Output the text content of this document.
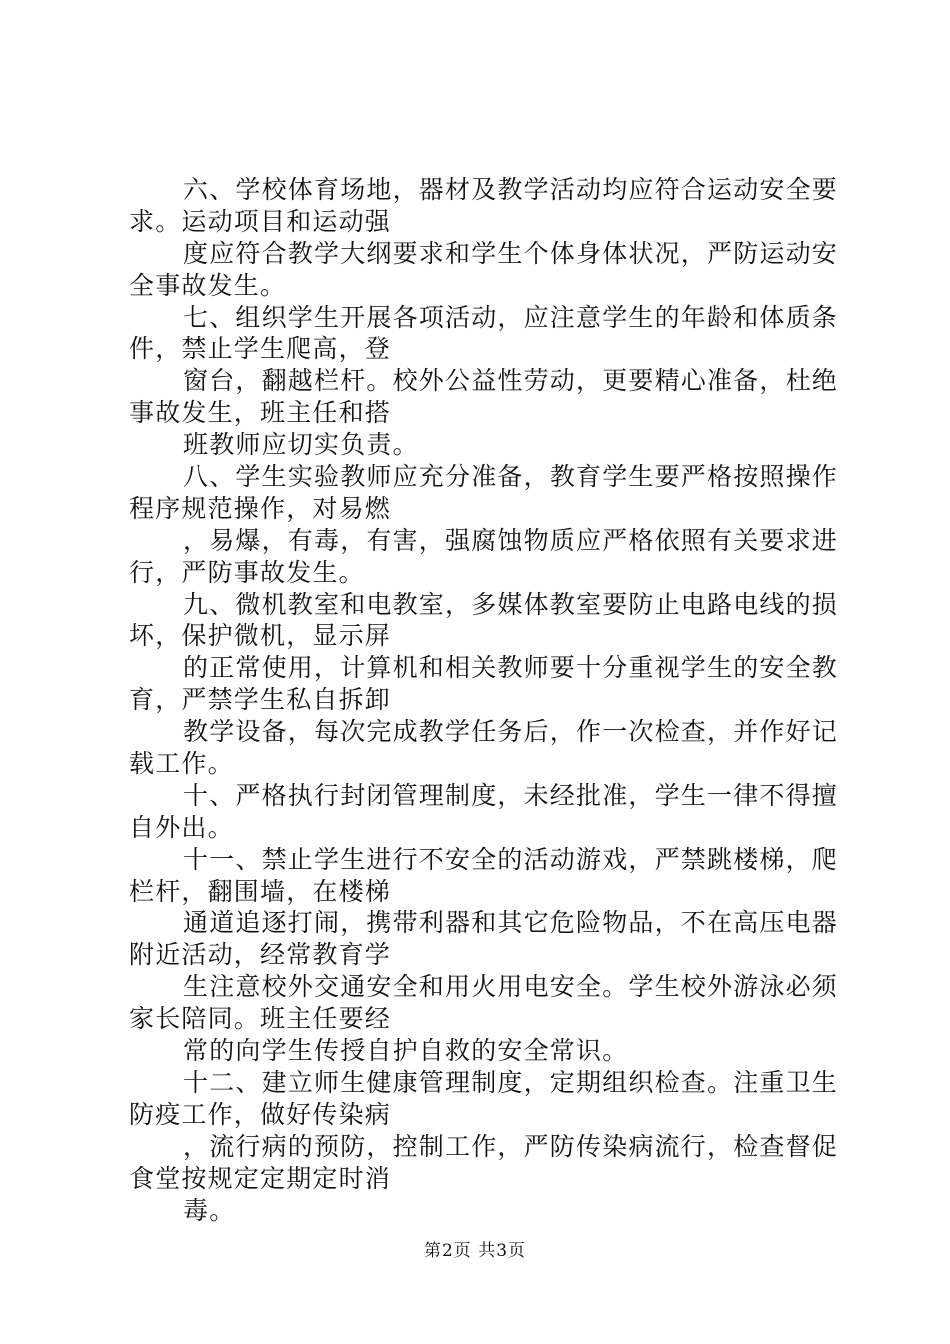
六、学校体育场地，器材及教学活动均应符合运动安全要
求。运动项目和运动强
度应符合教学大纲要求和学生个体身体状况，严防运动安
全事故发生。
七、组织学生开展各项活动，应注意学生的年龄和体质条
件，禁止学生爬高，登
窗台，翻越栏杆。校外公益性劳动，更要精心准备，杜绝
事故发生，班主任和搭
班教师应切实负责。
八、学生实验教师应充分准备，教育学生要严格按照操作
程序规范操作，对易燃
，易爆，有毒，有害，强腐蚀物质应严格依照有关要求进
行，严防事故发生。
九、微机教室和电教室，多媒体教室要防止电路电线的损
坏，保护微机，显示屏
的正常使用，计算机和相关教师要十分重视学生的安全教
育，严禁学生私自拆卸
教学设备，每次完成教学任务后，作一次检查，并作好记
载工作。
十、严格执行封闭管理制度，未经批准，学生一律不得擅
自外出。
十一、禁止学生进行不安全的活动游戏，严禁跳楼梯，爬
栏杆，翻围墙，在楼梯
通道追逐打闹，携带利器和其它危险物品，不在高压电器
附近活动，经常教育学
生注意校外交通安全和用火用电安全。学生校外游泳必须
家长陪同。班主任要经
常的向学生传授自护自救的安全常识。
十二、建立师生健康管理制度，定期组织检查。注重卫生
防疫工作，做好传染病
，流行病的预防，控制工作，严防传染病流行，检查督促
食堂按规定定期定时消
毒。
第2页 共3页
